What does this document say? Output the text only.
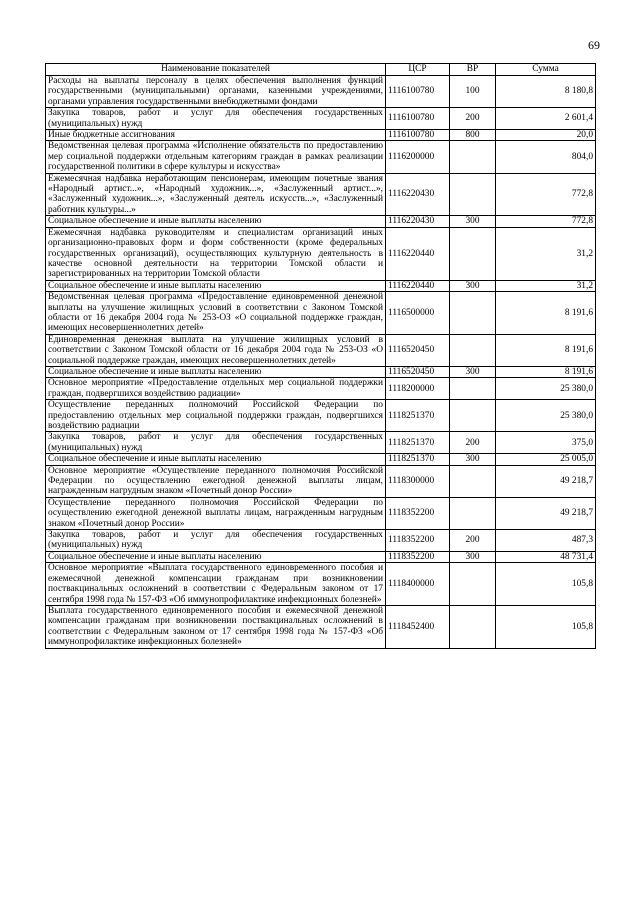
69
Наименование показателей	ЦСР	ВР	Сумма
Расходы на выплаты персоналу в целях обеспечения выполнения функций государственными (муниципальными) органами, казенными учреждениями, органами управления государственными внебюджетными фондами	1116100780	100	8 180,8
Закупка товаров, работ и услуг для обеспечения государственных (муниципальных) нужд	1116100780	200	2 601,4
Иные бюджетные ассигнования	1116100780	800	20,0
Ведомственная целевая программа «Исполнение обязательств по предоставлению мер социальной поддержки отдельным категориям граждан в рамках реализации государственной политики в сфере культуры и искусства»	1116200000		804,0
Ежемесячная надбавка неработающим пенсионерам, имеющим почетные звания «Народный артист...», «Народный художник...», «Заслуженный артист...», «Заслуженный художник...», «Заслуженный деятель искусств...», «Заслуженный работник культуры...»	1116220430		772,8
Социальное обеспечение и иные выплаты населению	1116220430	300	772,8
Ежемесячная надбавка руководителям и специалистам организаций иных организационно-правовых форм и форм собственности (кроме федеральных государственных организаций), осуществляющих культурную деятельность в качестве основной деятельности на территории Томской области и зарегистрированных на территории Томской области	1116220440		31,2
Социальное обеспечение и иные выплаты населению	1116220440	300	31,2
Ведомственная целевая программа «Предоставление единовременной денежной выплаты на улучшение жилищных условий в соответствии с Законом Томской области от 16 декабря 2004 года № 253-ОЗ «О социальной поддержке граждан, имеющих несовершеннолетних детей»	1116500000		8 191,6
Единовременная денежная выплата на улучшение жилищных условий в соответствии с Законом Томской области от 16 декабря 2004 года № 253-ОЗ «О социальной поддержке граждан, имеющих несовершеннолетних детей»	1116520450		8 191,6
Социальное обеспечение и иные выплаты населению	1116520450	300	8 191,6
Основное мероприятие «Предоставление отдельных мер социальной поддержки граждан, подвергшихся воздействию радиации»	1118200000		25 380,0
Осуществление переданных полномочий Российской Федерации по предоставлению отдельных мер социальной поддержки граждан, подвергшихся воздействию радиации	1118251370		25 380,0
Закупка товаров, работ и услуг для обеспечения государственных (муниципальных) нужд	1118251370	200	375,0
Социальное обеспечение и иные выплаты населению	1118251370	300	25 005,0
Основное мероприятие «Осуществление переданного полномочия Российской Федерации по осуществлению ежегодной денежной выплаты лицам, награжденным нагрудным знаком «Почетный донор России»	1118300000		49 218,7
Осуществление переданного полномочия Российской Федерации по осуществлению ежегодной денежной выплаты лицам, награжденным нагрудным знаком «Почетный донор России»	1118352200		49 218,7
Закупка товаров, работ и услуг для обеспечения государственных (муниципальных) нужд	1118352200	200	487,3
Социальное обеспечение и иные выплаты населению	1118352200	300	48 731,4
Основное мероприятие «Выплата государственного единовременного пособия и ежемесячной денежной компенсации гражданам при возникновении поствакцинальных осложнений в соответствии с Федеральным законом от 17 сентября 1998 года № 157-ФЗ «Об иммунопрофилактике инфекционных болезней»	1118400000		105,8
Выплата государственного единовременного пособия и ежемесячной денежной компенсации гражданам при возникновении поствакцинальных осложнений в соответствии с Федеральным законом от 17 сентября 1998 года № 157-ФЗ «Об иммунопрофилактике инфекционных болезней»	1118452400		105,8
